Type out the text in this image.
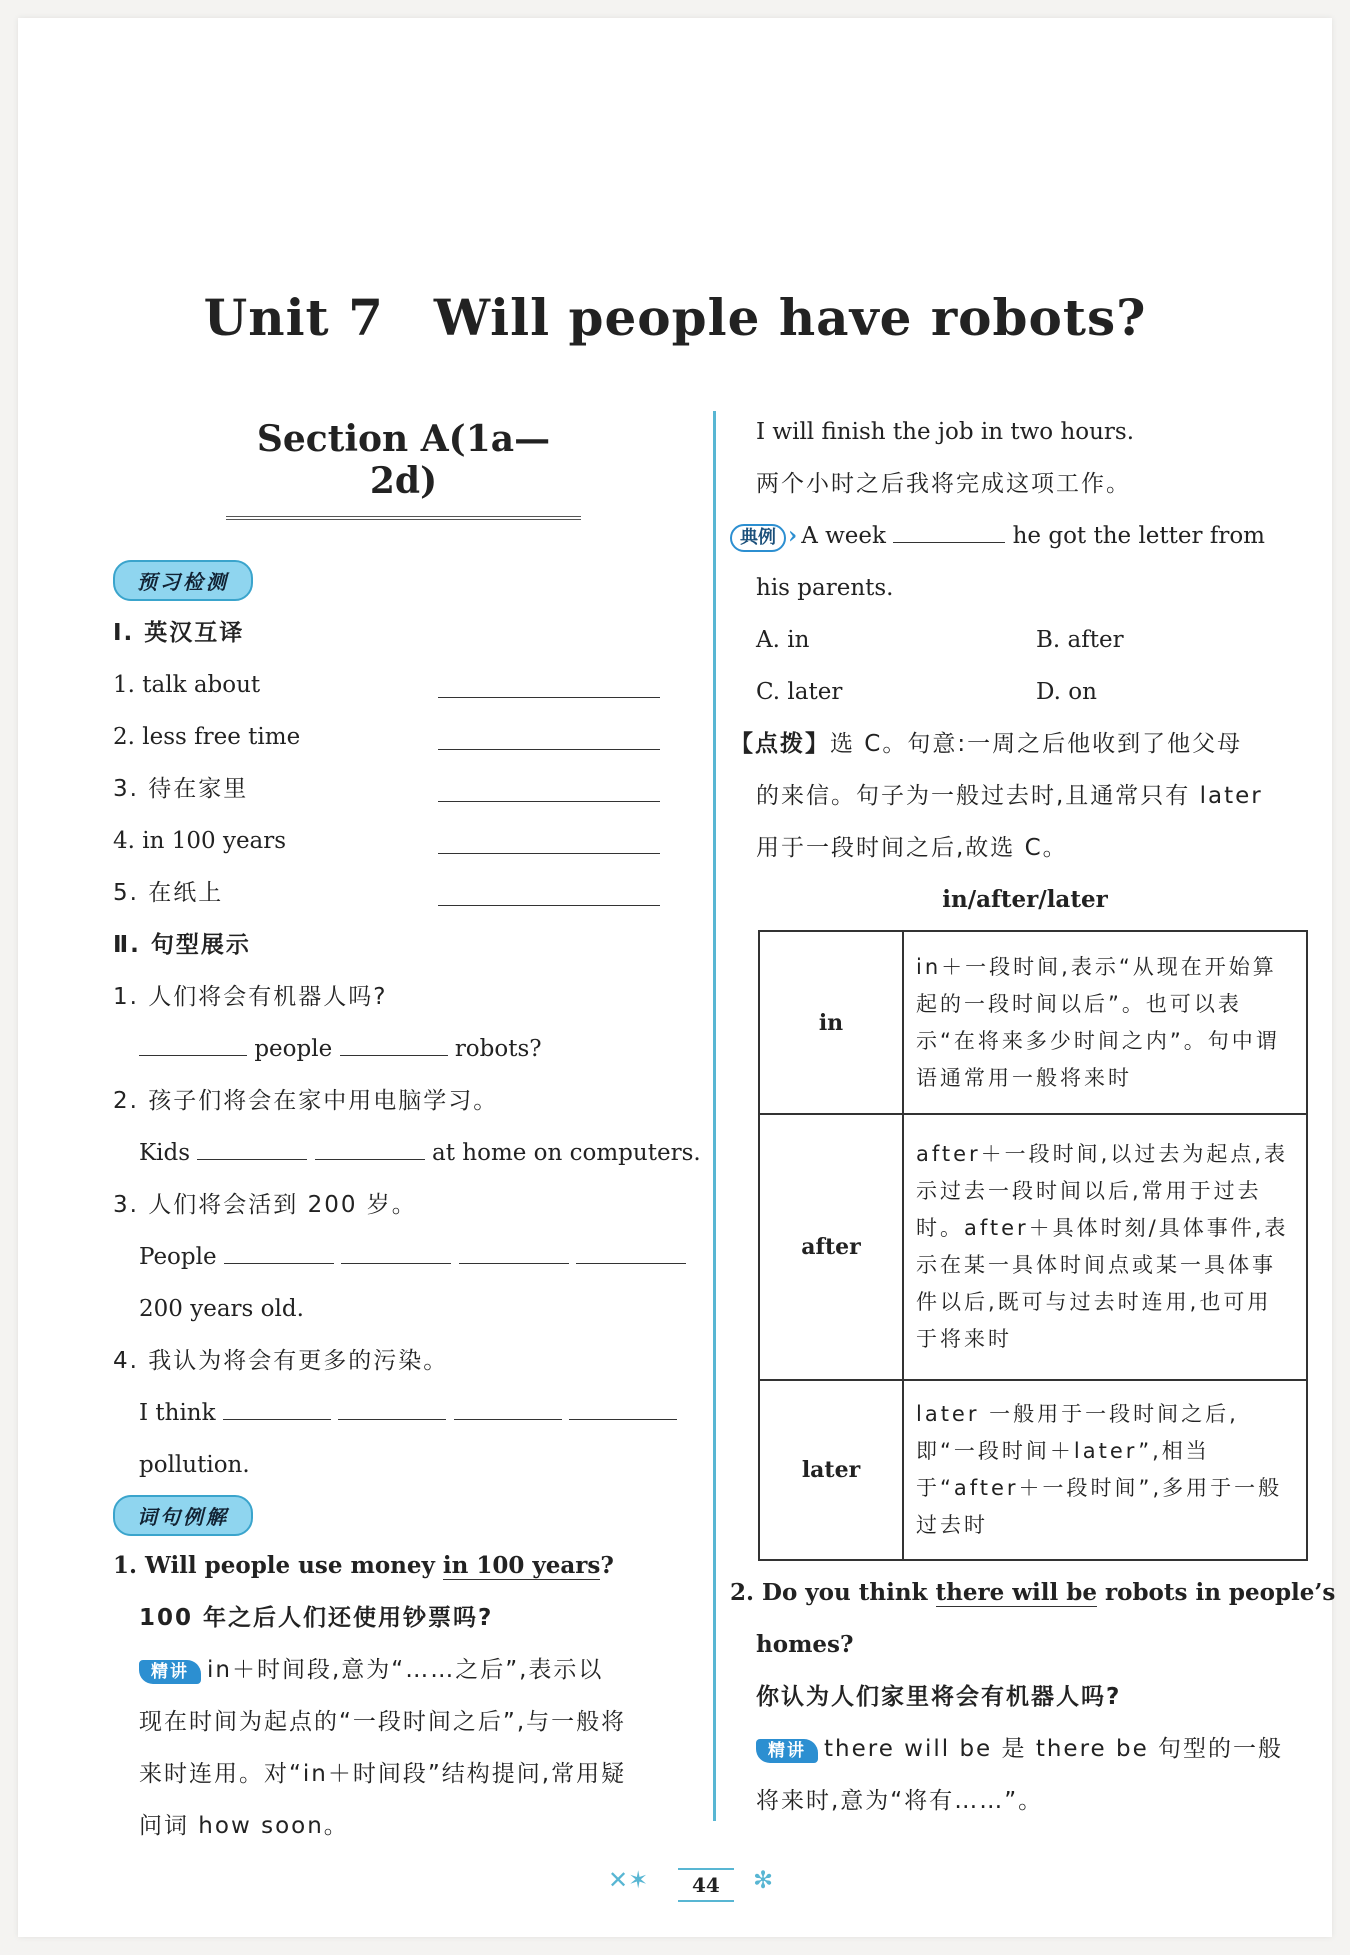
Unit 7 Will people have robots?
Section A(1a—2d)
预习检测
Ⅰ. 英汉互译
1. talk about
2. less free time
3. 待在家里
4. in 100 years
5. 在纸上
Ⅱ. 句型展示
1. 人们将会有机器人吗?
people	robots?
2. 孩子们将会在家中用电脑学习。
Kids	at home on computers.
3. 人们将会活到 200 岁。
People
200 years old.
4. 我认为将会有更多的污染。
I think
pollution.
词句例解
1. Will people use money in 100 years?
100 年之后人们还使用钞票吗?
精讲 in＋时间段,意为“……之后”,表示以
现在时间为起点的“一段时间之后”,与一般将
来时连用。对“in＋时间段”结构提问,常用疑
问词 how soon。
I will finish the job in two hours.
两个小时之后我将完成这项工作。
典例 › A week	he got the letter from
his parents.
A. in	B. after
C. later	D. on
【点拨】选 C。句意:一周之后他收到了他父母
的来信。句子为一般过去时,且通常只有 later
用于一段时间之后,故选 C。
in/after/later
in	in＋一段时间,表示“从现在开始算起的一段时间以后”。也可以表示“在将来多少时间之内”。句中谓语通常用一般将来时
after	after＋一段时间,以过去为起点,表示过去一段时间以后,常用于过去时。after＋具体时刻/具体事件,表示在某一具体时间点或某一具体事件以后,既可与过去时连用,也可用于将来时
later	later 一般用于一段时间之后,即“一段时间＋later”,相当于“after＋一段时间”,多用于一般过去时
2. Do you think there will be robots in people’s
homes?
你认为人们家里将会有机器人吗?
精讲 there will be 是 there be 句型的一般
将来时,意为“将有……”。
✕✶	44	✻
